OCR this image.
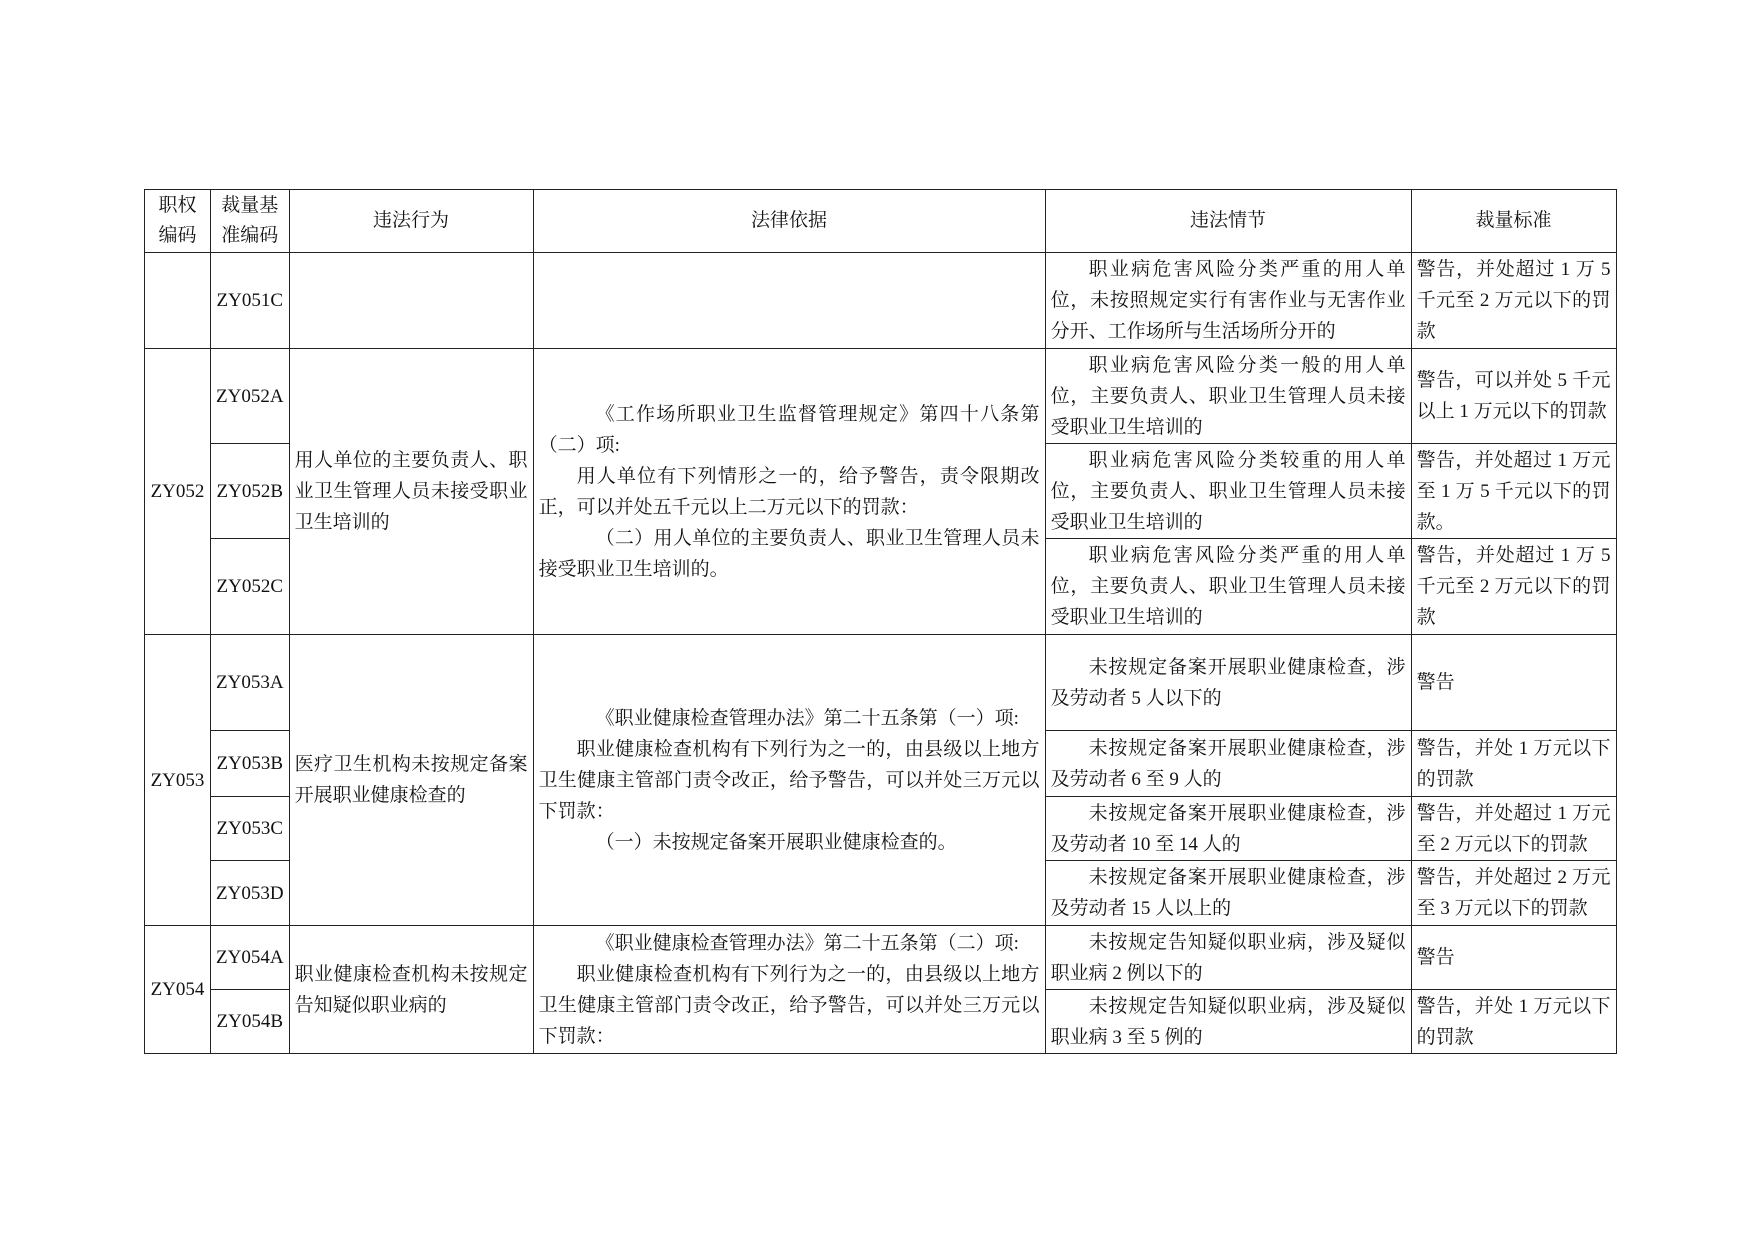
职权编码	裁量基准编码	违法行为	法律依据	违法情节	裁量标准
	ZY051C			职业病危害风险分类严重的用人单位，未按照规定实行有害作业与无害作业分开、工作场所与生活场所分开的	警告，并处超过 1 万 5 千元至 2 万元以下的罚款
ZY052	ZY052A	用人单位的主要负责人、职业卫生管理人员未接受职业卫生培训的	《工作场所职业卫生监督管理规定》第四十八条第（二）项:

用人单位有下列情形之一的，给予警告，责令限期改正，可以并处五千元以上二万元以下的罚款：

（二）用人单位的主要负责人、职业卫生管理人员未接受职业卫生培训的。	职业病危害风险分类一般的用人单位，主要负责人、职业卫生管理人员未接受职业卫生培训的	警告，可以并处 5 千元以上 1 万元以下的罚款
	ZY052B			职业病危害风险分类较重的用人单位，主要负责人、职业卫生管理人员未接受职业卫生培训的	警告，并处超过 1 万元至 1 万 5 千元以下的罚款。
	ZY052C			职业病危害风险分类严重的用人单位，主要负责人、职业卫生管理人员未接受职业卫生培训的	警告，并处超过 1 万 5 千元至 2 万元以下的罚款
ZY053	ZY053A	医疗卫生机构未按规定备案开展职业健康检查的	《职业健康检查管理办法》第二十五条第（一）项:

职业健康检查机构有下列行为之一的，由县级以上地方卫生健康主管部门责令改正，给予警告，可以并处三万元以下罚款：

（一）未按规定备案开展职业健康检查的。	未按规定备案开展职业健康检查，涉及劳动者 5 人以下的	警告
	ZY053B			未按规定备案开展职业健康检查，涉及劳动者 6 至 9 人的	警告，并处 1 万元以下的罚款
	ZY053C			未按规定备案开展职业健康检查，涉及劳动者 10 至 14 人的	警告，并处超过 1 万元至 2 万元以下的罚款
	ZY053D			未按规定备案开展职业健康检查，涉及劳动者 15 人以上的	警告，并处超过 2 万元至 3 万元以下的罚款
ZY054	ZY054A	职业健康检查机构未按规定告知疑似职业病的	《职业健康检查管理办法》第二十五条第（二）项:

职业健康检查机构有下列行为之一的，由县级以上地方卫生健康主管部门责令改正，给予警告，可以并处三万元以下罚款：	未按规定告知疑似职业病，涉及疑似职业病 2 例以下的	警告
	ZY054B			未按规定告知疑似职业病，涉及疑似职业病 3 至 5 例的	警告，并处 1 万元以下的罚款
